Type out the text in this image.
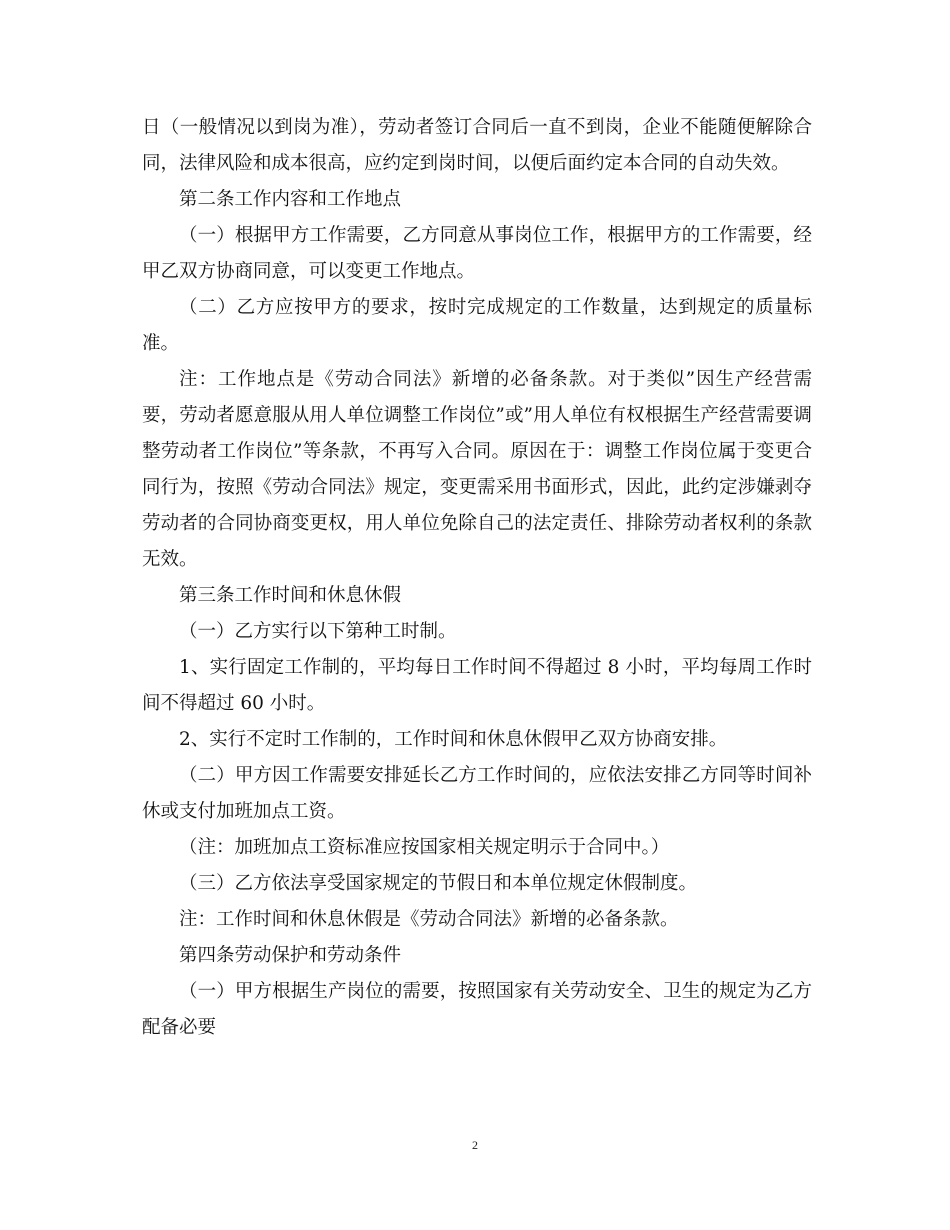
日（一般情况以到岗为准），劳动者签订合同后一直不到岗，企业不能随便解除合同，法律风险和成本很高，应约定到岗时间，以便后面约定本合同的自动失效。

第二条工作内容和工作地点

（一）根据甲方工作需要，乙方同意从事岗位工作，根据甲方的工作需要，经甲乙双方协商同意，可以变更工作地点。

（二）乙方应按甲方的要求，按时完成规定的工作数量，达到规定的质量标准。

注：工作地点是《劳动合同法》新增的必备条款。对于类似”因生产经营需要，劳动者愿意服从用人单位调整工作岗位”或”用人单位有权根据生产经营需要调整劳动者工作岗位”等条款，不再写入合同。原因在于：调整工作岗位属于变更合同行为，按照《劳动合同法》规定，变更需采用书面形式，因此，此约定涉嫌剥夺劳动者的合同协商变更权，用人单位免除自己的法定责任、排除劳动者权利的条款无效。

第三条工作时间和休息休假

（一）乙方实行以下第种工时制。

1、实行固定工作制的，平均每日工作时间不得超过 8 小时，平均每周工作时间不得超过 60 小时。

2、实行不定时工作制的，工作时间和休息休假甲乙双方协商安排。

（二）甲方因工作需要安排延长乙方工作时间的，应依法安排乙方同等时间补休或支付加班加点工资。

（注：加班加点工资标准应按国家相关规定明示于合同中。）

（三）乙方依法享受国家规定的节假日和本单位规定休假制度。

注：工作时间和休息休假是《劳动合同法》新增的必备条款。

第四条劳动保护和劳动条件

（一）甲方根据生产岗位的需要，按照国家有关劳动安全、卫生的规定为乙方配备必要

2
